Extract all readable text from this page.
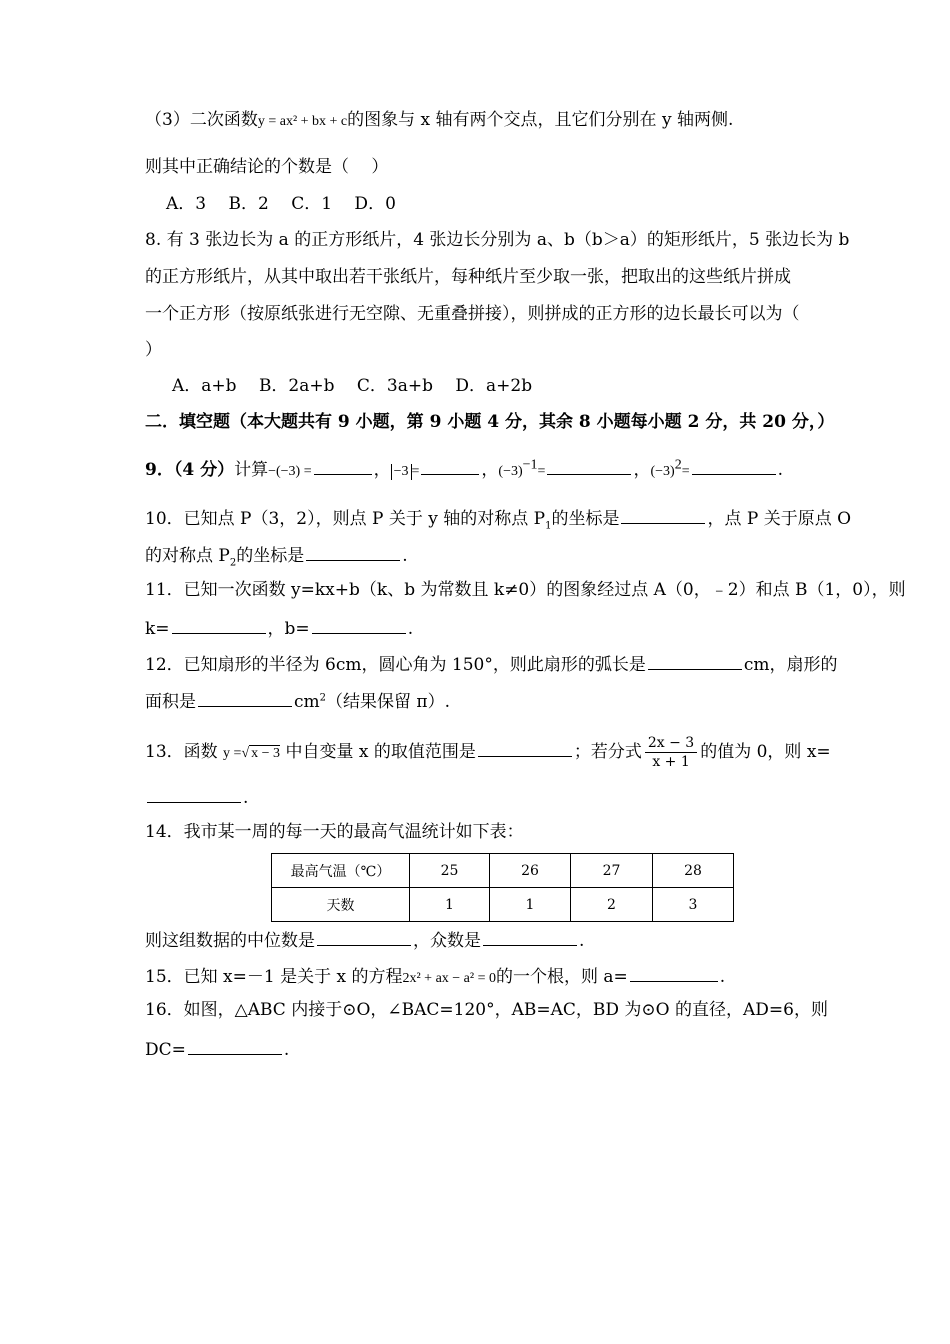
（3）二次函数y = ax² + bx + c的图象与 x 轴有两个交点，且它们分别在 y 轴两侧.
则其中正确结论的个数是（　 ）
A．3　 B．2　 C．1　 D．0
8. 有 3 张边长为 a 的正方形纸片，4 张边长分别为 a、b（b＞a）的矩形纸片，5 张边长为 b
的正方形纸片，从其中取出若干张纸片，每种纸片至少取一张，把取出的这些纸片拼成
一个正方形（按原纸张进行无空隙、无重叠拼接），则拼成的正方形的边长最长可以为（
）
A．a+b　 B．2a+b　 C．3a+b　 D．a+2b
二．填空题（本大题共有 9 小题，第 9 小题 4 分，其余 8 小题每小题 2 分，共 20 分，）
9．（4 分）计算−(−3) =	， −3 =	，$(-3)^{-1}=$	，$(-3)^2=$	.
10．已知点 P（3，2），则点 P 关于 y 轴的对称点 $P_1$的坐标是	，点 P 关于原点 O
的对称点 $P_2$的坐标是	.
11．已知一次函数 y=kx+b（k、b 为常数且 k≠0）的图象经过点 A（0，﹣2）和点 B（1，0），则
k=	，b=	.
12．已知扇形的半径为 6cm，圆心角为 150°，则此扇形的弧长是	cm，扇形的
面积是	$cm^2$（结果保留 π）.
13．函数 y =√ x − 3 中自变量 x 的取值范围是	；若分式 $\frac{2x - 3}{x + 1}$ 的值为 0，则 x=
.
14．我市某一周的每一天的最高气温统计如下表：
最高气温（℃）	25	26	27	28
天数	1	1	2	3
则这组数据的中位数是	，众数是	.
15．已知 x=－1 是关于 x 的方程2x² + ax − a² = 0的一个根，则 a=	.
16．如图，△ABC 内接于⊙O，∠BAC=120°，AB=AC，BD 为⊙O 的直径，AD=6，则
DC=	.
